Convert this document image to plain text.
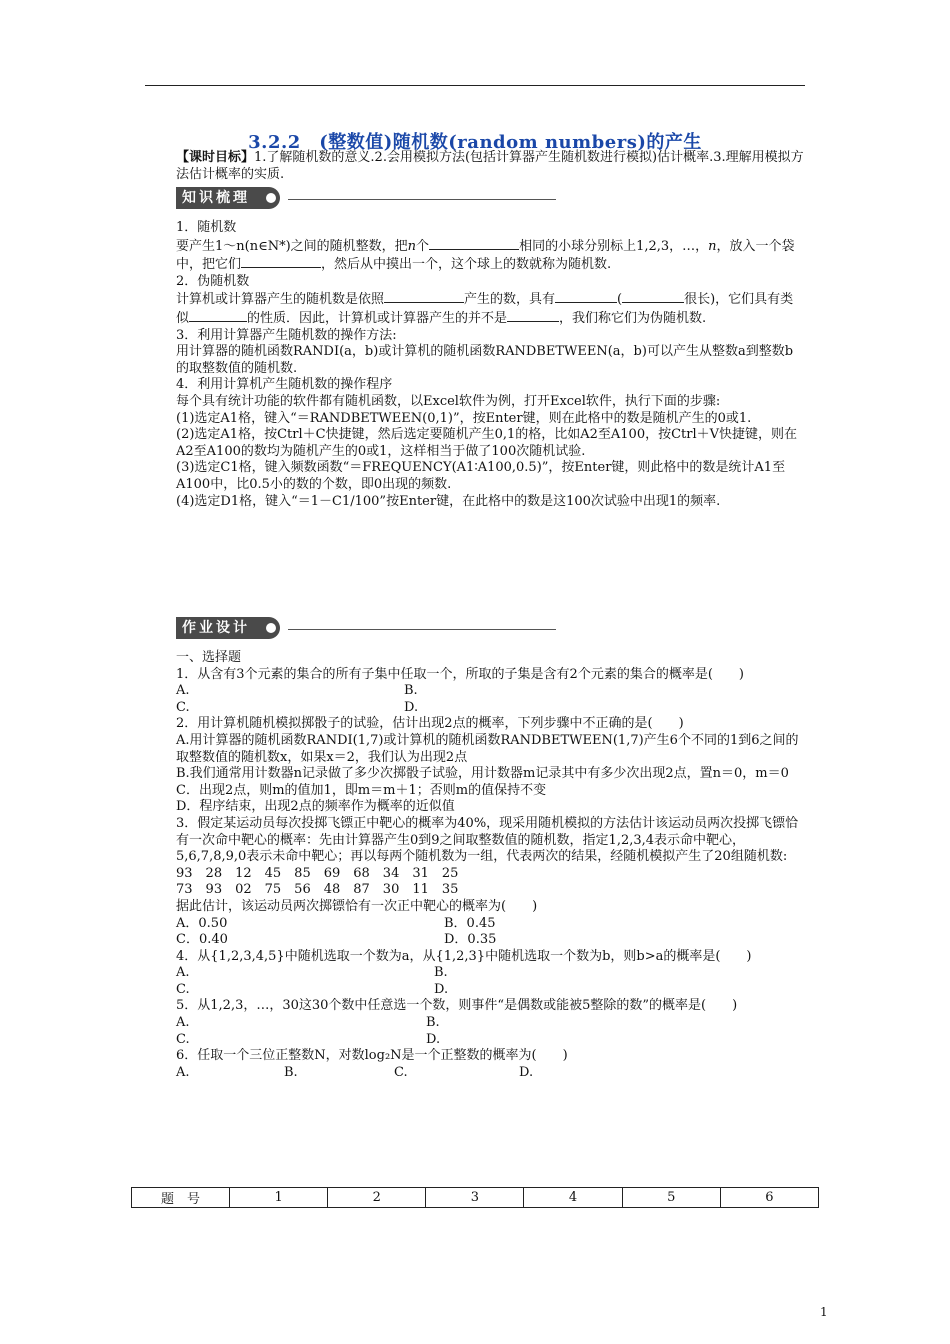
3.2.2　(整数值)随机数(random numbers)的产生

【课时目标】1.了解随机数的意义.2.会用模拟方法(包括计算器产生随机数进行模拟)估计概率.3.理解用模拟方法估计概率的实质.

知识梳理

1．随机数

要产生1～n(n∈N*)之间的随机整数，把n个	相同的小球分别标上1,2,3，…，n，放入一个袋中，把它们	，然后从中摸出一个，这个球上的数就称为随机数.

2．伪随机数

计算机或计算器产生的随机数是依照	产生的数，具有	(	很长)，它们具有类似	的性质．因此，计算机或计算器产生的并不是	，我们称它们为伪随机数.

3．利用计算器产生随机数的操作方法:

用计算器的随机函数RANDI(a，b)或计算机的随机函数RANDBETWEEN(a，b)可以产生从整数a到整数b的取整数值的随机数.

4．利用计算机产生随机数的操作程序

每个具有统计功能的软件都有随机函数，以Excel软件为例，打开Excel软件，执行下面的步骤:

(1)选定A1格，键入“＝RANDBETWEEN(0,1)”，按Enter键，则在此格中的数是随机产生的0或1.

(2)选定A1格，按Ctrl＋C快捷键，然后选定要随机产生0,1的格，比如A2至A100，按Ctrl＋V快捷键，则在A2至A100的数均为随机产生的0或1，这样相当于做了100次随机试验.

(3)选定C1格，键入频数函数“＝FREQUENCY(A1∶A100,0.5)”，按Enter键，则此格中的数是统计A1至A100中，比0.5小的数的个数，即0出现的频数.

(4)选定D1格，键入“＝1－C1/100”按Enter键，在此格中的数是这100次试验中出现1的频率.

作业设计

一、选择题

1．从含有3个元素的集合的所有子集中任取一个，所取的子集是含有2个元素的集合的概率是(　　)

A.	B.
C.	D.

2．用计算机随机模拟掷骰子的试验，估计出现2点的概率，下列步骤中不正确的是(　　)

A.用计算器的随机函数RANDI(1,7)或计算机的随机函数RANDBETWEEN(1,7)产生6个不同的1到6之间的取整数值的随机数x，如果x＝2，我们认为出现2点

B.我们通常用计数器n记录做了多少次掷骰子试验，用计数器m记录其中有多少次出现2点，置n＝0，m＝0

C．出现2点，则m的值加1，即m＝m＋1；否则m的值保持不变

D．程序结束，出现2点的频率作为概率的近似值

3．假定某运动员每次投掷飞镖正中靶心的概率为40%，现采用随机模拟的方法估计该运动员两次投掷飞镖恰有一次命中靶心的概率：先由计算器产生0到9之间取整数值的随机数，指定1,2,3,4表示命中靶心，5,6,7,8,9,0表示未命中靶心；再以每两个随机数为一组，代表两次的结果，经随机模拟产生了20组随机数:

93　28　12　45　85　69　68　34　31　25

73　93　02　75　56　48　87　30　11　35

据此估计，该运动员两次掷镖恰有一次正中靶心的概率为(　　)

A．0.50	B．0.45
C．0.40	D．0.35

4．从{1,2,3,4,5}中随机选取一个数为a，从{1,2,3}中随机选取一个数为b，则b>a的概率是(　　)

A.	B.
C.	D.

5．从1,2,3，…，30这30个数中任意选一个数，则事件“是偶数或能被5整除的数”的概率是(　　)

A.	B.
C.	D.

6．任取一个三位正整数N，对数log₂N是一个正整数的概率为(　　)

A.	B.	C.	D.
题　号	1	2	3	4	5	6
1
